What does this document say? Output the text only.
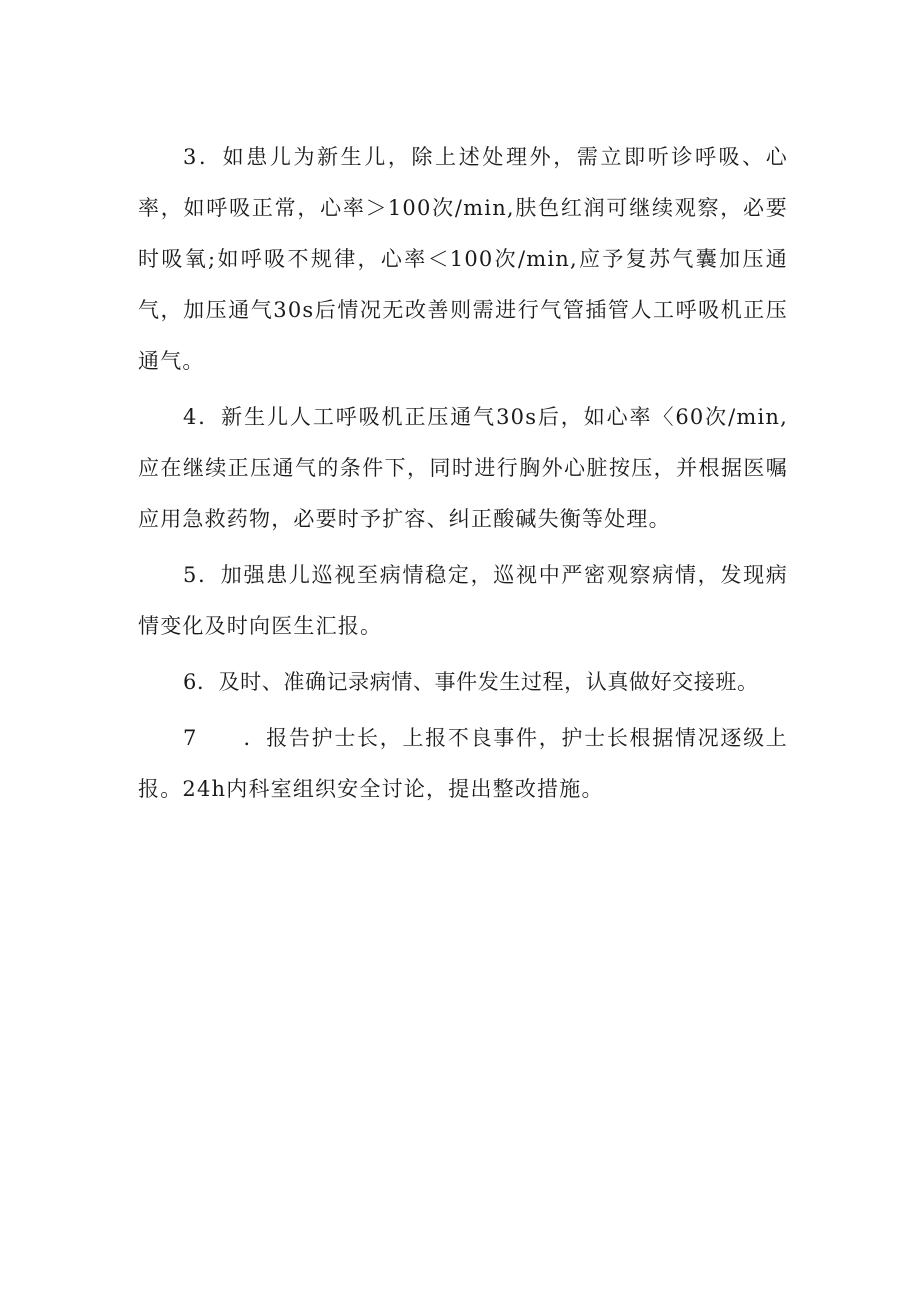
3．如患儿为新生儿，除上述处理外，需立即听诊呼吸、心率，如呼吸正常，心率＞100次/min,肤色红润可继续观察，必要时吸氧;如呼吸不规律，心率＜100次/min,应予复苏气囊加压通气，加压通气30s后情况无改善则需进行气管插管人工呼吸机正压通气。

4．新生儿人工呼吸机正压通气30s后，如心率〈60次/min,应在继续正压通气的条件下，同时进行胸外心脏按压，并根据医嘱应用急救药物，必要时予扩容、纠正酸碱失衡等处理。

5．加强患儿巡视至病情稳定，巡视中严密观察病情，发现病情变化及时向医生汇报。

6．及时、准确记录病情、事件发生过程，认真做好交接班。

7　　．报告护士长，上报不良事件，护士长根据情况逐级上报。24h内科室组织安全讨论，提出整改措施。
